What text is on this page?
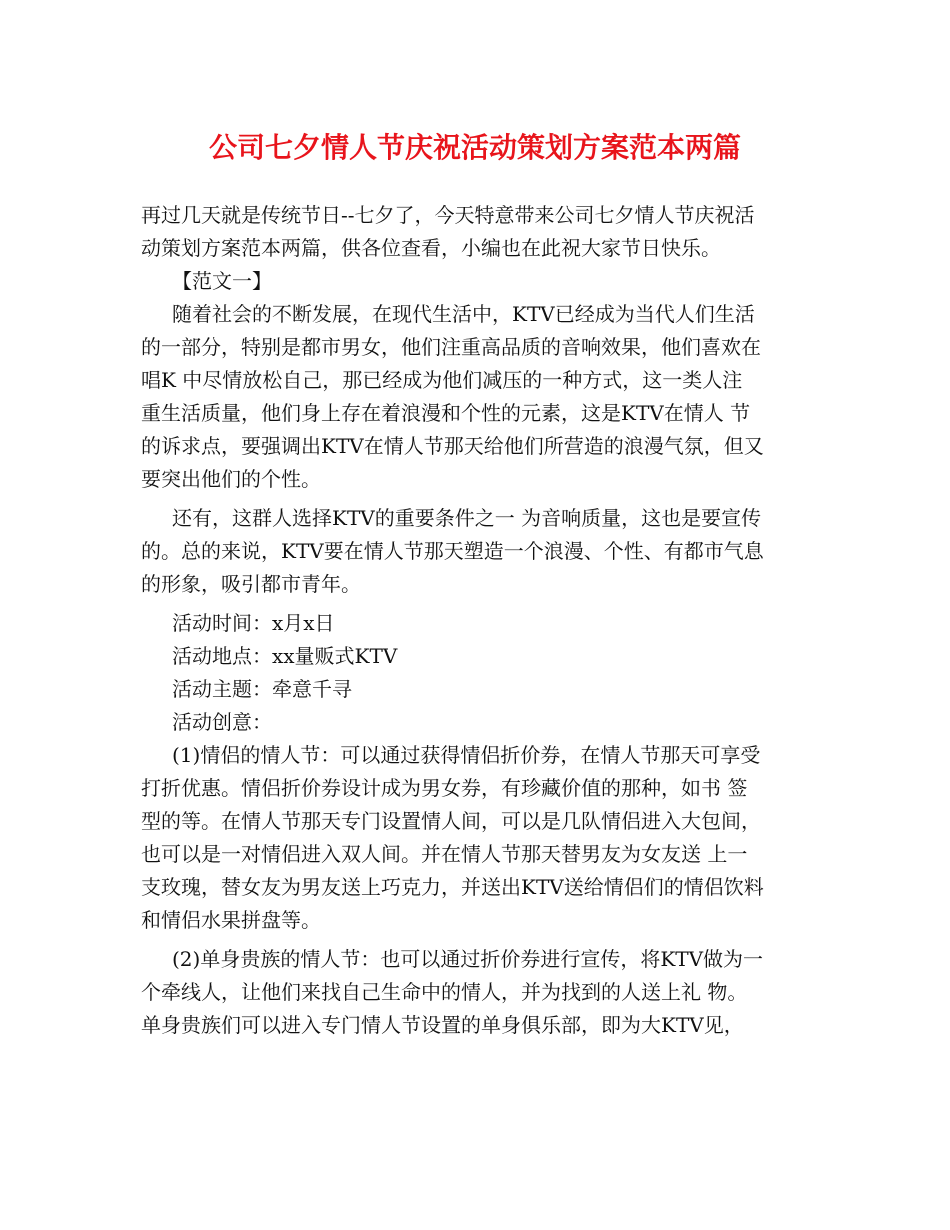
公司七夕情人节庆祝活动策划方案范本两篇
再过几天就是传统节日--七夕了，今天特意带来公司七夕情人节庆祝活
动策划方案范本两篇，供各位查看，小编也在此祝大家节日快乐。
【范文一】
随着社会的不断发展，在现代生活中，KTV已经成为当代人们生活
的一部分，特别是都市男女，他们注重高品质的音响效果，他们喜欢在
唱K 中尽情放松自己，那已经成为他们减压的一种方式，这一类人注
重生活质量，他们身上存在着浪漫和个性的元素，这是KTV在情人 节
的诉求点，要强调出KTV在情人节那天给他们所营造的浪漫气氛，但又
要突出他们的个性。
还有，这群人选择KTV的重要条件之一 为音响质量，这也是要宣传
的。总的来说，KTV要在情人节那天塑造一个浪漫、个性、有都市气息
的形象，吸引都市青年。
活动时间：x月x日
活动地点：xx量贩式KTV
活动主题：牵意千寻
活动创意：
(1)情侣的情人节：可以通过获得情侣折价券，在情人节那天可享受
打折优惠。情侣折价券设计成为男女券，有珍藏价值的那种，如书 签
型的等。在情人节那天专门设置情人间，可以是几队情侣进入大包间，
也可以是一对情侣进入双人间。并在情人节那天替男友为女友送 上一
支玫瑰，替女友为男友送上巧克力，并送出KTV送给情侣们的情侣饮料
和情侣水果拼盘等。
(2)单身贵族的情人节：也可以通过折价券进行宣传，将KTV做为一
个牵线人，让他们来找自己生命中的情人，并为找到的人送上礼 物。
单身贵族们可以进入专门情人节设置的单身俱乐部，即为大KTV见，
